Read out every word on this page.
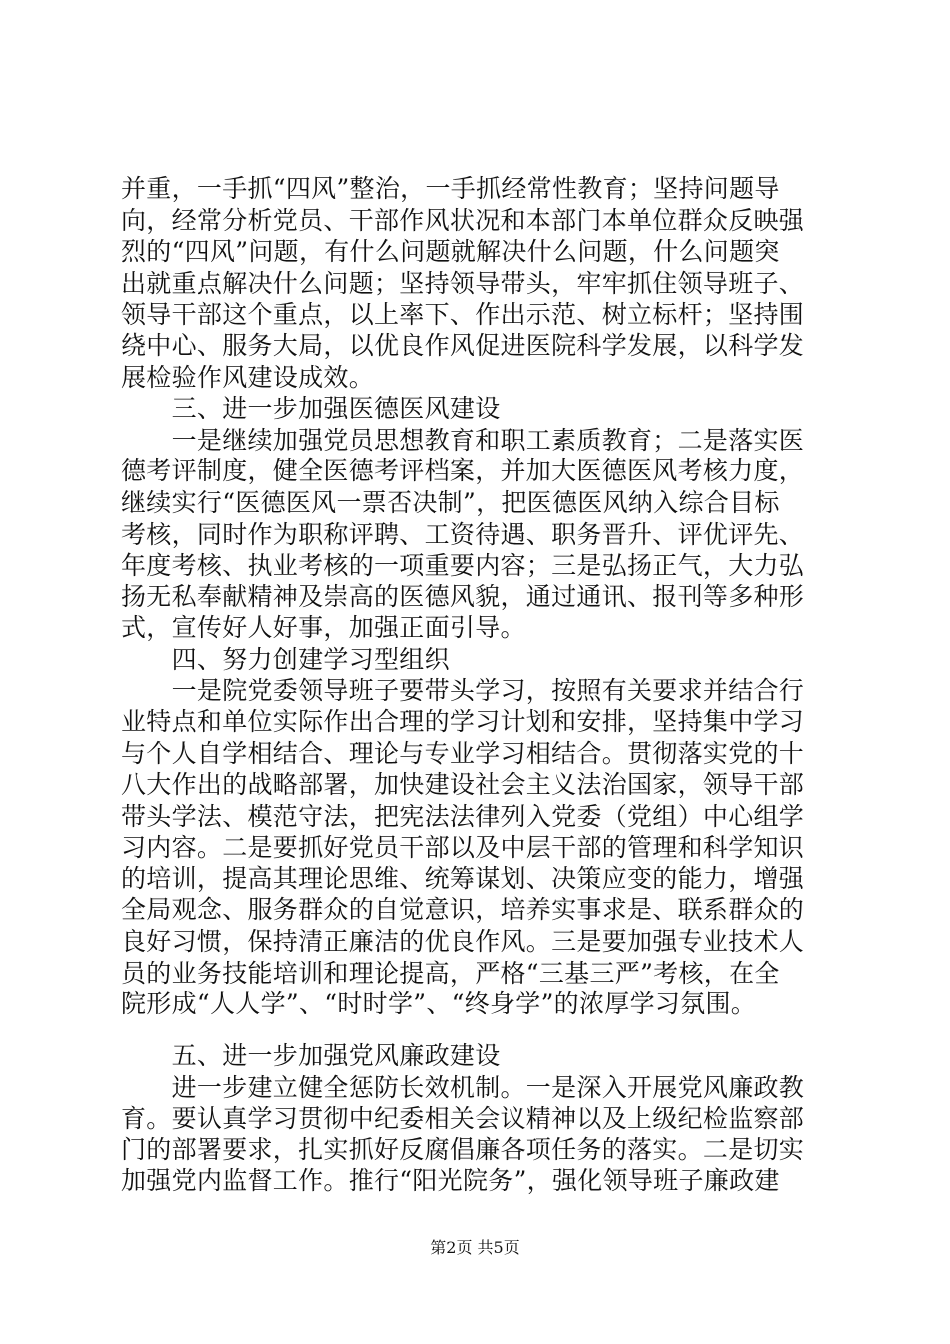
并重，一手抓“四风”整治，一手抓经常性教育；坚持问题导
向，经常分析党员、干部作风状况和本部门本单位群众反映强
烈的“四风”问题，有什么问题就解决什么问题，什么问题突
出就重点解决什么问题；坚持领导带头，牢牢抓住领导班子、
领导干部这个重点，以上率下、作出示范、树立标杆；坚持围
绕中心、服务大局，以优良作风促进医院科学发展，以科学发
展检验作风建设成效。
　　三、进一步加强医德医风建设
　　一是继续加强党员思想教育和职工素质教育；二是落实医
德考评制度，健全医德考评档案，并加大医德医风考核力度，
继续实行“医德医风一票否决制”，把医德医风纳入综合目标
考核，同时作为职称评聘、工资待遇、职务晋升、评优评先、
年度考核、执业考核的一项重要内容；三是弘扬正气，大力弘
扬无私奉献精神及崇高的医德风貌，通过通讯、报刊等多种形
式，宣传好人好事，加强正面引导。
　　四、努力创建学习型组织
　　一是院党委领导班子要带头学习，按照有关要求并结合行
业特点和单位实际作出合理的学习计划和安排，坚持集中学习
与个人自学相结合、理论与专业学习相结合。贯彻落实党的十
八大作出的战略部署，加快建设社会主义法治国家，领导干部
带头学法、模范守法，把宪法法律列入党委（党组）中心组学
习内容。二是要抓好党员干部以及中层干部的管理和科学知识
的培训，提高其理论思维、统筹谋划、决策应变的能力，增强
全局观念、服务群众的自觉意识，培养实事求是、联系群众的
良好习惯，保持清正廉洁的优良作风。三是要加强专业技术人
员的业务技能培训和理论提高，严格“三基三严”考核，在全
院形成“人人学”、“时时学”、“终身学”的浓厚学习氛围。
　　五、进一步加强党风廉政建设
　　进一步建立健全惩防长效机制。一是深入开展党风廉政教
育。要认真学习贯彻中纪委相关会议精神以及上级纪检监察部
门的部署要求，扎实抓好反腐倡廉各项任务的落实。二是切实
加强党内监督工作。推行“阳光院务”，强化领导班子廉政建
第2页 共5页
